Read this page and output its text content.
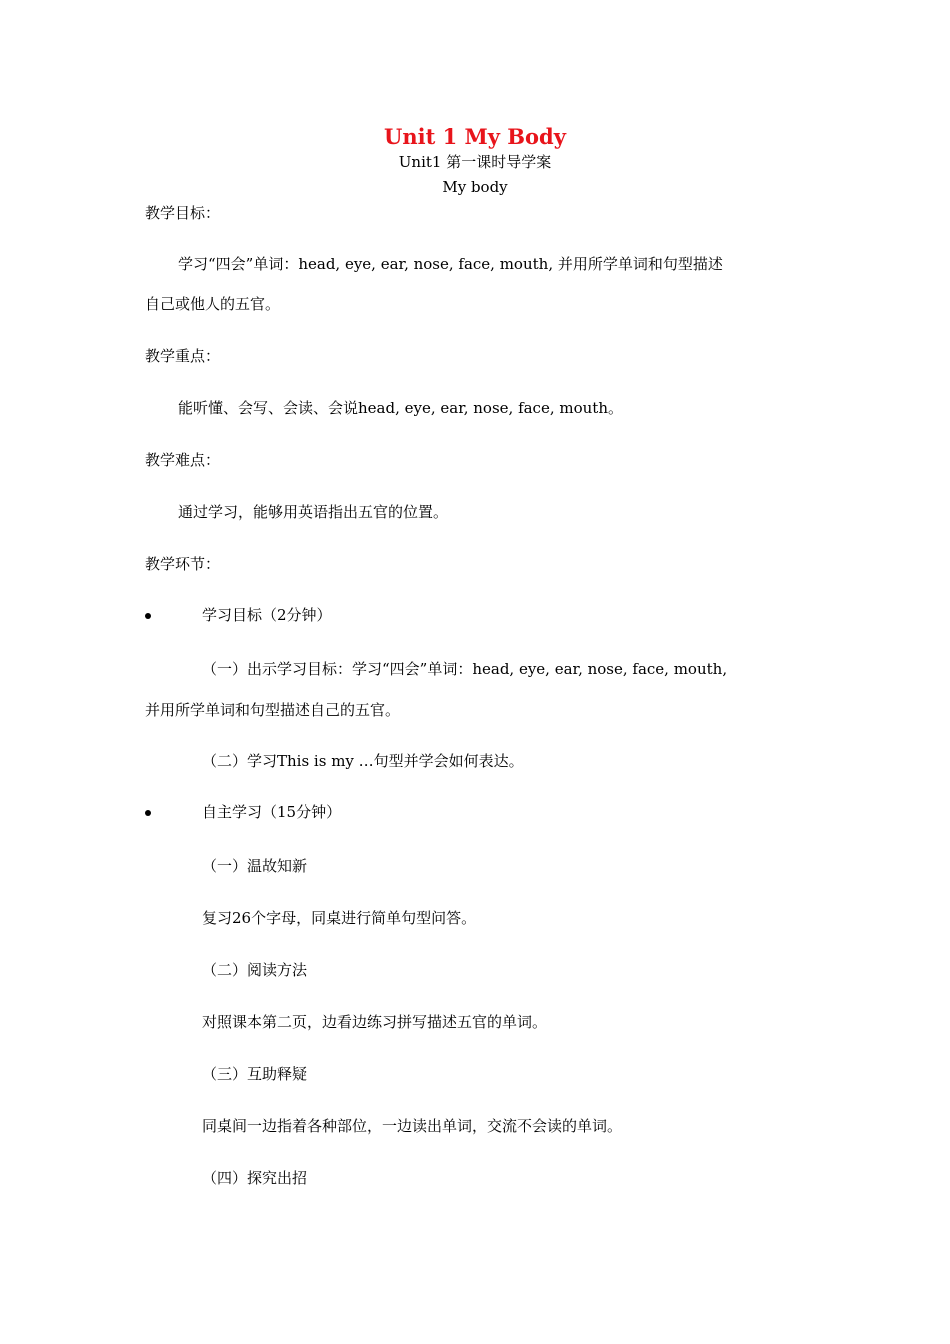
Unit 1 My Body
Unit1 第一课时导学案
My body
教学目标：
学习“四会”单词：head, eye, ear, nose, face, mouth, 并用所学单词和句型描述
自己或他人的五官。
教学重点：
能听懂、会写、会读、会说head, eye, ear, nose, face, mouth。
教学难点：
通过学习，能够用英语指出五官的位置。
教学环节：
学习目标（2分钟）
（一）出示学习目标：学习“四会”单词：head, eye, ear, nose, face, mouth,
并用所学单词和句型描述自己的五官。
（二）学习This is my …句型并学会如何表达。
自主学习（15分钟）
（一）温故知新
复习26个字母，同桌进行简单句型问答。
（二）阅读方法
对照课本第二页，边看边练习拼写描述五官的单词。
（三）互助释疑
同桌间一边指着各种部位，一边读出单词，交流不会读的单词。
（四）探究出招
